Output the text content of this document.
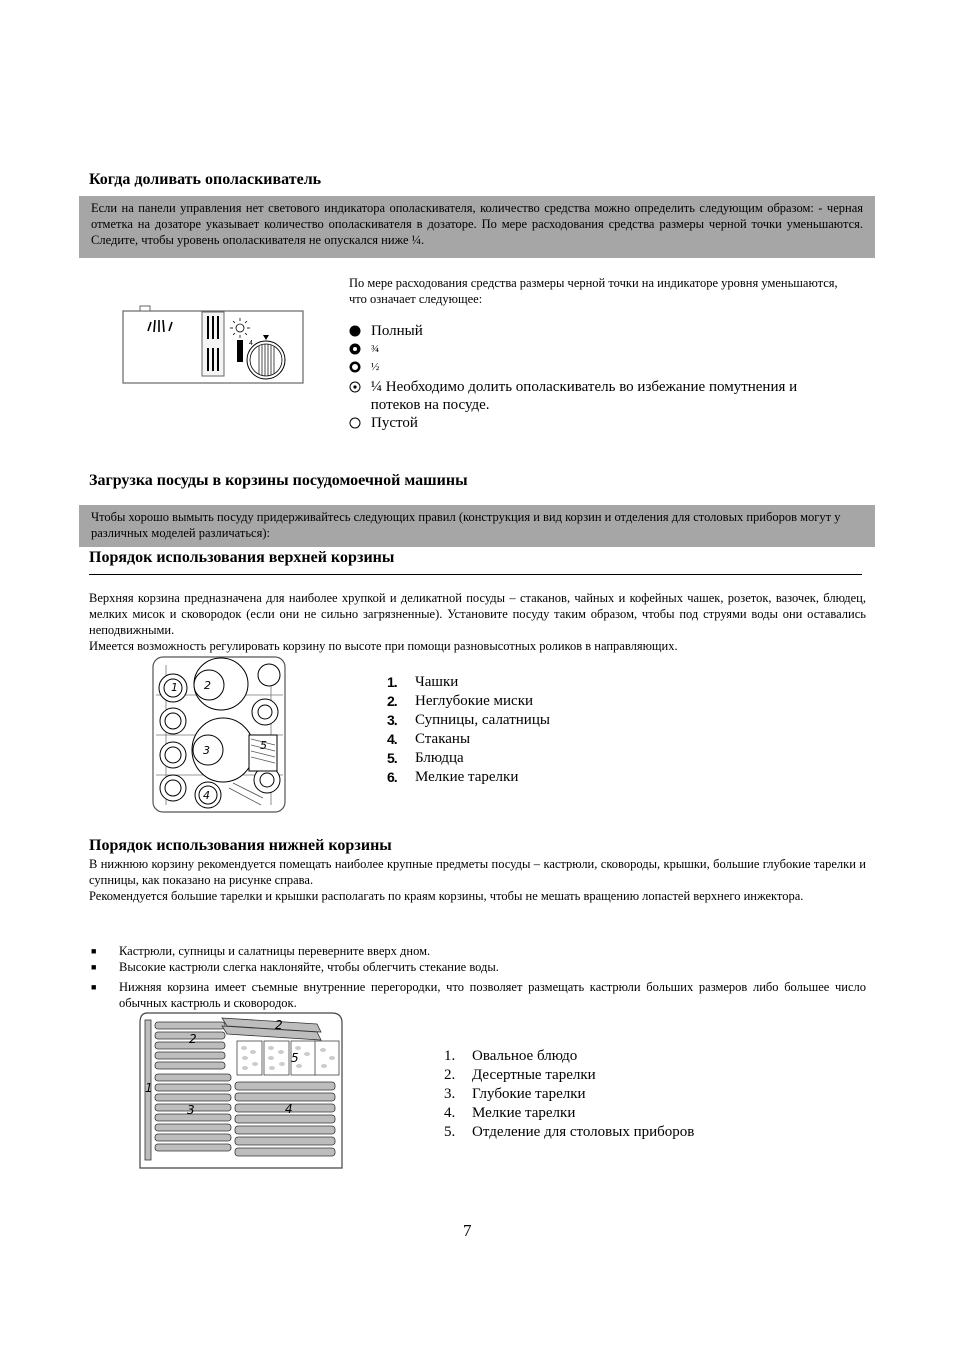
Когда доливать ополаскиватель
Если на панели управления нет светового индикатора ополаскивателя, количество средства можно определить следующим образом: - черная отметка на дозаторе указывает количество ополаскивателя в дозаторе. По мере расходования средства размеры черной точки уменьшаются. Следите, чтобы уровень ополаскивателя не опускался ниже ¼.
4
По мере расходования средства размеры черной точки на индикаторе уровня уменьшаются, что означает следующее:
Полный
¾
½
¼ Необходимо долить ополаскиватель во избежание помутнения и потеков на посуде.
Пустой
Загрузка посуды в корзины посудомоечной машины
Чтобы хорошо вымыть посуду придерживайтесь следующих правил (конструкция и вид корзин и отделения для столовых приборов могут у различных моделей различаться):
Порядок использования верхней корзины
Верхняя корзина предназначена для наиболее хрупкой и деликатной посуды – стаканов, чайных и кофейных чашек, розеток, вазочек, блюдец, мелких мисок и сковородок (если они не сильно загрязненные). Установите посуду таким образом, чтобы под струями воды они оставались неподвижными.
Имеется возможность регулировать корзину по высоте при помощи разновысотных роликов в направляющих.
1 2
3
4
5
1.	Чашки
2.	Неглубокие миски
3.	Супницы, салатницы
4.	Стаканы
5.	Блюдца
6.	Мелкие тарелки
Порядок использования нижней корзины
В нижнюю корзину рекомендуется помещать наиболее крупные предметы посуды – кастрюли, сковороды, крышки, большие глубокие тарелки и супницы, как показано на рисунке справа.
Рекомендуется большие тарелки и крышки располагать по краям корзины, чтобы не мешать вращению лопастей верхнего инжектора.
■	Кастрюли, супницы и салатницы переверните вверх дном.
■	Высокие кастрюли слегка наклоняйте, чтобы облегчить стекание воды.
■	Нижняя корзина имеет съемные внутренние перегородки, что позволяет размещать кастрюли больших размеров либо большее число обычных кастрюль и сковородок.
1
2
3	4
5
2
1.	Овальное блюдо
2.	Десертные тарелки
3.	Глубокие тарелки
4.	Мелкие тарелки
5.	Отделение для столовых приборов
7
